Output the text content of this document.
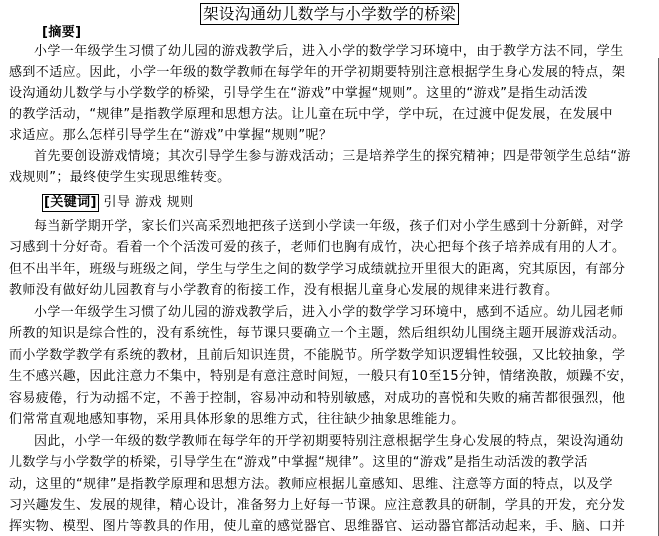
架设沟通幼儿数学与小学数学的桥梁
[摘要]
小学一年级学生习惯了幼儿园的游戏教学后，进入小学的数学学习环境中，由于教学方法不同，学生
感到不适应。因此，小学一年级的数学教师在每学年的开学初期要特别注意根据学生身心发展的特点，架
设沟通幼儿数学与小学数学的桥梁，引导学生在“游戏”中掌握“规则”。这里的“游戏”是指生动活泼
的教学活动，“规律”是指教学原理和思想方法。让儿童在玩中学，学中玩，在过渡中促发展，在发展中
求适应。那么怎样引导学生在“游戏”中掌握“规则”呢？
首先要创设游戏情境；其次引导学生参与游戏活动；三是培养学生的探究精神；四是带领学生总结“游
戏规则”；最终使学生实现思维转变。
[关键词] 引导 游戏 规则
每当新学期开学，家长们兴高采烈地把孩子送到小学读一年级，孩子们对小学生感到十分新鲜，对学
习感到十分好奇。看着一个个活泼可爱的孩子，老师们也胸有成竹，决心把每个孩子培养成有用的人才。
但不出半年，班级与班级之间，学生与学生之间的数学学习成绩就拉开里很大的距离，究其原因，有部分
教师没有做好幼儿园教育与小学教育的衔接工作，没有根据儿童身心发展的规律来进行教育。
小学一年级学生习惯了幼儿园的游戏教学后，进入小学的数学学习环境中，感到不适应。幼儿园老师
所教的知识是综合性的，没有系统性，每节课只要确立一个主题，然后组织幼儿围绕主题开展游戏活动。
而小学数学教学有系统的教材，且前后知识连贯，不能脱节。所学数学知识逻辑性较强，又比较抽象，学
生不感兴趣，因此注意力不集中，特别是有意注意时间短，一般只有10至15分钟，情绪涣散，烦躁不安，
容易疲倦，行为动摇不定，不善于控制，容易冲动和特别敏感，对成功的喜悦和失败的痛苦都很强烈，他
们常常直观地感知事物，采用具体形象的思维方式，往往缺少抽象思维能力。
因此，小学一年级的数学教师在每学年的开学初期要特别注意根据学生身心发展的特点，架设沟通幼
儿数学与小学数学的桥梁，引导学生在“游戏”中掌握“规律”。这里的“游戏”是指生动活泼的教学活
动，这里的“规律”是指教学原理和思想方法。教师应根据儿童感知、思维、注意等方面的特点，以及学
习兴趣发生、发展的规律，精心设计，准备努力上好每一节课。应注意教具的研制，学具的开发，充分发
挥实物、模型、图片等教具的作用，使儿童的感觉器官、思维器官、运动器官都活动起来，手、脑、口并
